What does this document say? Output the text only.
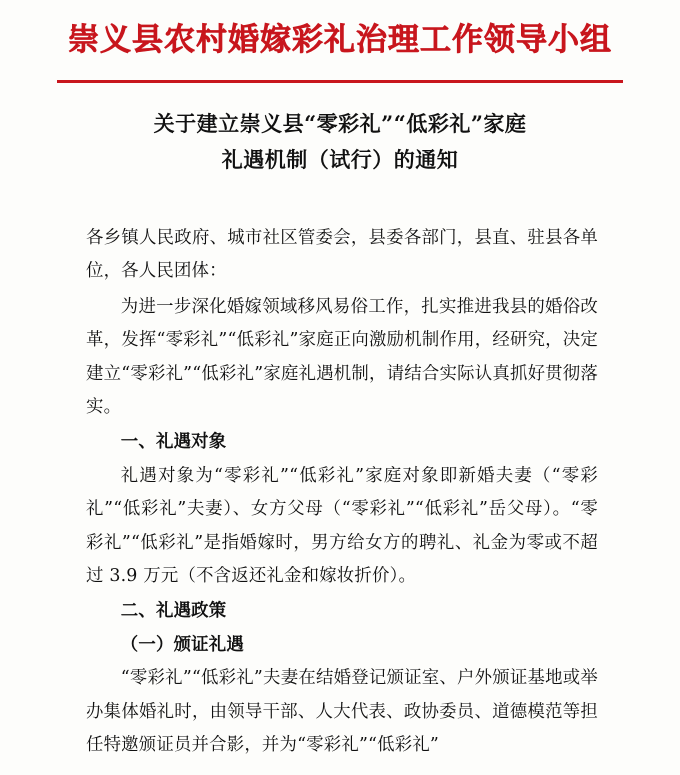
崇义县农村婚嫁彩礼治理工作领导小组
关于建立崇义县“零彩礼”“低彩礼”家庭
礼遇机制（试行）的通知

各乡镇人民政府、城市社区管委会，县委各部门，县直、驻县各单位，各人民团体：

为进一步深化婚嫁领域移风易俗工作，扎实推进我县的婚俗改革，发挥“零彩礼”“低彩礼”家庭正向激励机制作用，经研究，决定建立“零彩礼”“低彩礼”家庭礼遇机制，请结合实际认真抓好贯彻落实。

一、礼遇对象

礼遇对象为“零彩礼”“低彩礼”家庭对象即新婚夫妻（“零彩礼”“低彩礼”夫妻）、女方父母（“零彩礼”“低彩礼”岳父母）。“零彩礼”“低彩礼”是指婚嫁时，男方给女方的聘礼、礼金为零或不超过 3.9 万元（不含返还礼金和嫁妆折价）。

二、礼遇政策

（一）颁证礼遇

“零彩礼”“低彩礼”夫妻在结婚登记颁证室、户外颁证基地或举办集体婚礼时，由领导干部、人大代表、政协委员、道德模范等担任特邀颁证员并合影，并为“零彩礼”“低彩礼”
